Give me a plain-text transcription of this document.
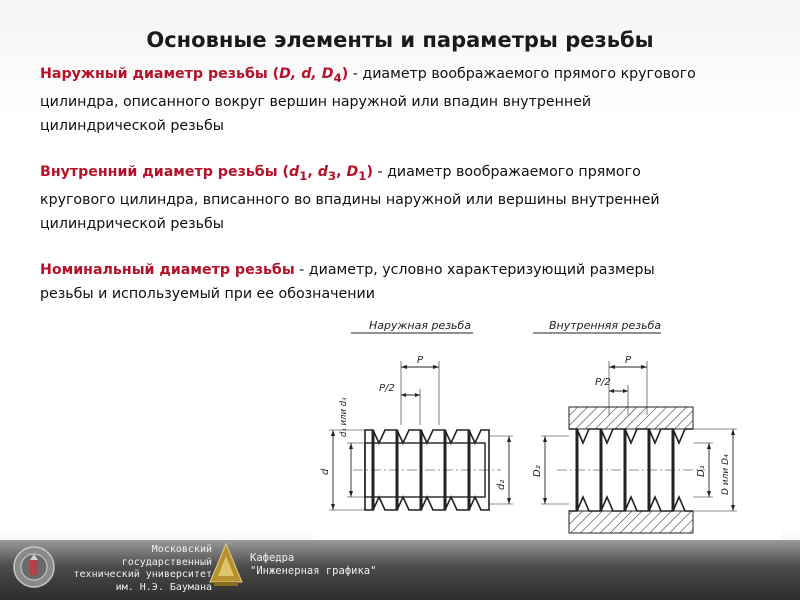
Основные элементы и параметры резьбы
Наружный диаметр резьбы (D, d, $D_4$) - диаметр воображаемого прямого кругового
цилиндра, описанного вокруг вершин наружной или впадин внутренней
цилиндрической резьбы
Внутренний диаметр резьбы ($d_1$, $d_3$, $D_1$) - диаметр воображаемого прямого
кругового цилиндра, вписанного во впадины наружной или вершины внутренней
цилиндрической резьбы
Номинальный диаметр резьбы - диаметр, условно характеризующий размеры
резьбы и используемый при ее обозначении
Наружная резьба	Внутренняя резьба
P
P/2
d
d₁ или d₃
d₂
P
P/2
D₂	D₁ D или D₄
Московский государственный
технический университет
им. Н.Э. Баумана
Кафедра
"Инженерная графика"
